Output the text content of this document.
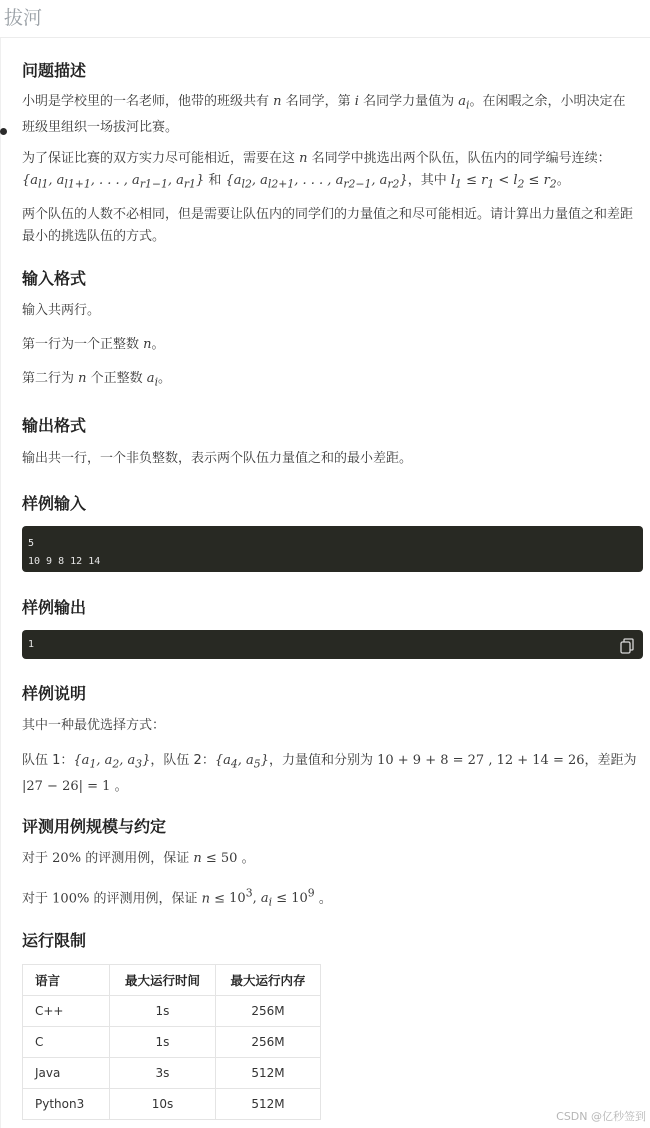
拔河
问题描述

小明是学校里的一名老师，他带的班级共有 n 名同学，第 i 名同学力量值为 $a_i$。在闲暇之余，小明决定在
班级里组织一场拔河比赛。

为了保证比赛的双方实力尽可能相近，需要在这 n 名同学中挑选出两个队伍，队伍内的同学编号连续：
{$a_{l1}$, $a_{l1+1}$, . . . , $a_{r1-1}$, $a_{r1}$} 和 {$a_{l2}$, $a_{l2+1}$, . . . , $a_{r2-1}$, $a_{r2}$}，其中 $l_1 \le r_1 < l_2 \le r_2$。

两个队伍的人数不必相同，但是需要让队伍内的同学们的力量值之和尽可能相近。请计算出力量值之和差距最小的挑选队伍的方式。

输入格式

输入共两行。

第一行为一个正整数 n。

第二行为 n 个正整数 $a_i$。

输出格式

输出共一行，一个非负整数，表示两个队伍力量值之和的最小差距。

样例输入
5
10 9 8 12 14
样例输出
1
样例说明

其中一种最优选择方式：

队伍 1：{$a_1$, $a_2$, $a_3$}，队伍 2：{$a_4$, $a_5$}，力量值和分别为 10 + 9 + 8 = 27 , 12 + 14 = 26，差距为
|27 − 26| = 1 。

评测用例规模与约定

对于 20% 的评测用例，保证 n ≤ 50 。

对于 100% 的评测用例，保证 $n \le 10^3$, $a_i \le 10^9$ 。

运行限制
语言	最大运行时间	最大运行内存
C++	1s	256M
C	1s	256M
Java	3s	512M
Python3	10s	512M
CSDN @亿秒签到
